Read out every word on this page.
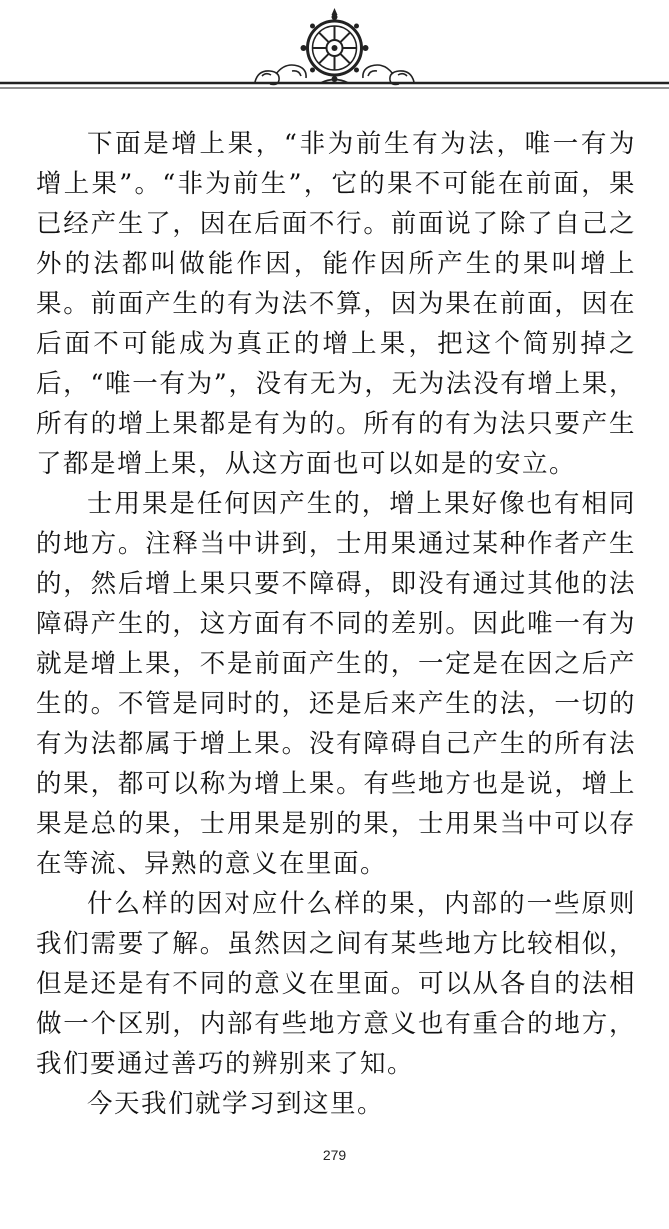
下面是增上果，“非为前生有为法，唯一有为增上果”。“非为前生”，它的果不可能在前面，果已经产生了，因在后面不行。前面说了除了自己之外的法都叫做能作因，能作因所产生的果叫增上果。前面产生的有为法不算，因为果在前面，因在后面不可能成为真正的增上果，把这个简别掉之后，“唯一有为”，没有无为，无为法没有增上果，所有的增上果都是有为的。所有的有为法只要产生了都是增上果，从这方面也可以如是的安立。

士用果是任何因产生的，增上果好像也有相同的地方。注释当中讲到，士用果通过某种作者产生的，然后增上果只要不障碍，即没有通过其他的法障碍产生的，这方面有不同的差别。因此唯一有为就是增上果，不是前面产生的，一定是在因之后产生的。不管是同时的，还是后来产生的法，一切的有为法都属于增上果。没有障碍自己产生的所有法的果，都可以称为增上果。有些地方也是说，增上果是总的果，士用果是别的果，士用果当中可以存在等流、异熟的意义在里面。

什么样的因对应什么样的果，内部的一些原则我们需要了解。虽然因之间有某些地方比较相似，但是还是有不同的意义在里面。可以从各自的法相做一个区别，内部有些地方意义也有重合的地方，我们要通过善巧的辨别来了知。

今天我们就学习到这里。

279
